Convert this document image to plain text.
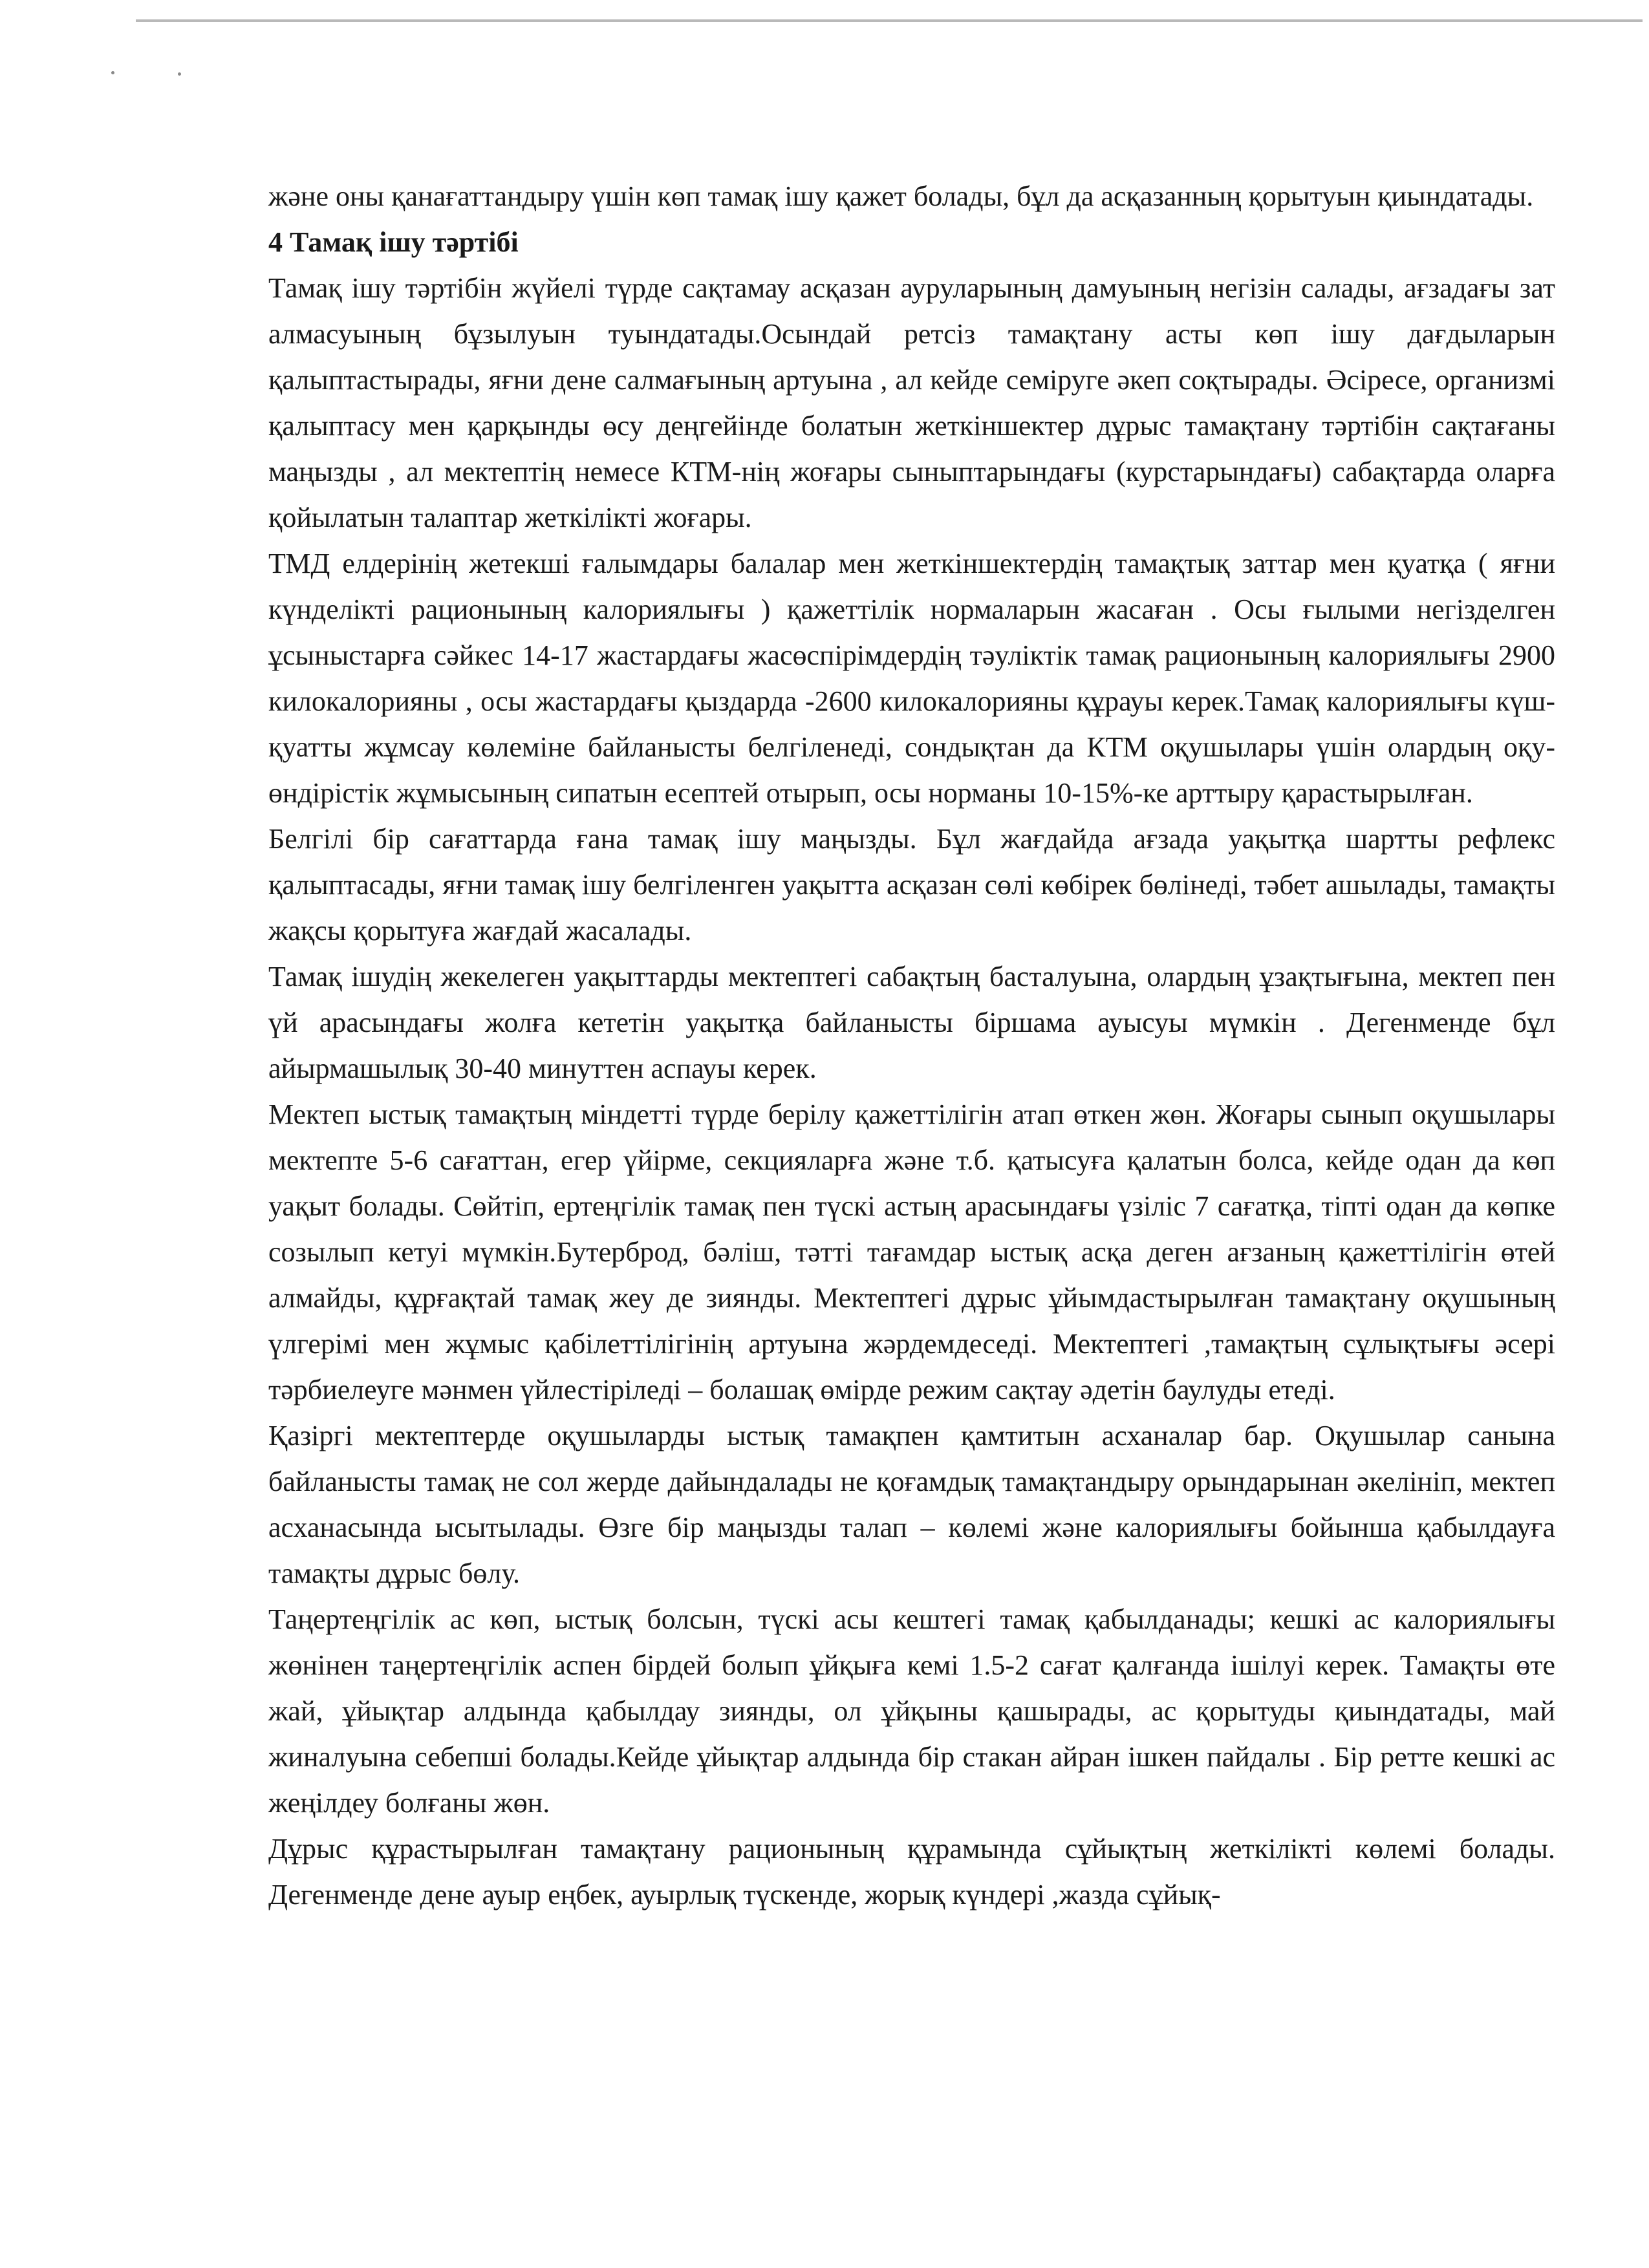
және оны қанағаттандыру үшін көп тамақ ішу қажет болады, бұл да асқазанның қорытуын қиындатады.

4 Тамақ ішу тәртібі

Тамақ ішу тәртібін жүйелі түрде сақтамау асқазан ауруларының дамуының негізін салады, ағзадағы зат алмасуының бұзылуын туындатады.Осындай ретсіз тамақтану асты көп ішу дағдыларын қалыптастырады, яғни дене салмағының артуына , ал кейде семіруге әкеп соқтырады. Әсіресе, организмі қалыптасу мен қарқынды өсу деңгейінде болатын жеткіншектер дұрыс тамақтану тәртібін сақтағаны маңызды , ал мектептің немесе КТМ-нің жоғары сыныптарындағы (курстарындағы) сабақтарда оларға қойылатын талаптар жеткілікті жоғары.

ТМД елдерінің жетекші ғалымдары балалар мен жеткіншектердің тамақтық заттар мен қуатқа ( яғни күнделікті рационының калориялығы ) қажеттілік нормаларын жасаған . Осы ғылыми негізделген ұсыныстарға сәйкес 14-17 жастардағы жасөспірімдердің тәуліктік тамақ рационының калориялығы 2900 килокалорияны , осы жастардағы қыздарда -2600 килокалорияны құрауы керек.Тамақ калориялығы күш-қуатты жұмсау көлеміне байланысты белгіленеді, сондықтан да КТМ оқушылары үшін олардың оқу- өндірістік жұмысының сипатын есептей отырып, осы норманы 10-15%-ке арттыру қарастырылған.

Белгілі бір сағаттарда ғана тамақ ішу маңызды. Бұл жағдайда ағзада уақытқа шартты рефлекс қалыптасады, яғни тамақ ішу белгіленген уақытта асқазан сөлі көбірек бөлінеді, тәбет ашылады, тамақты жақсы қорытуға жағдай жасалады.

Тамақ ішудің жекелеген уақыттарды мектептегі сабақтың басталуына, олардың ұзақтығына, мектеп пен үй арасындағы жолға кететін уақытқа байланысты біршама ауысуы мүмкін . Дегенменде бұл айырмашылық 30-40 минуттен аспауы керек.

Мектеп ыстық тамақтың міндетті түрде берілу қажеттілігін атап өткен жөн. Жоғары сынып оқушылары мектепте 5-6 сағаттан, егер үйірме, секцияларға және т.б. қатысуға қалатын болса, кейде одан да көп уақыт болады. Сөйтіп, ертеңгілік тамақ пен түскі астың арасындағы үзіліс 7 сағатқа, тіпті одан да көпке созылып кетуі мүмкін.Бутерброд, бәліш, тәтті тағамдар ыстық асқа деген ағзаның қажеттілігін өтей алмайды, құрғақтай тамақ жеу де зиянды. Мектептегі дұрыс ұйымдастырылған тамақтану оқушының үлгерімі мен жұмыс қабілеттілігінің артуына жәрдемдеседі. Мектептегі ,тамақтың сұлықтығы әсері тәрбиелеуге мәнмен үйлестіріледі – болашақ өмірде режим сақтау әдетін баулуды етеді.

Қазіргі мектептерде оқушыларды ыстық тамақпен қамтитын асханалар бар. Оқушылар санына байланысты тамақ не сол жерде дайындалады не қоғамдық тамақтандыру орындарынан әкелініп, мектеп асханасында ысытылады. Өзге бір маңызды талап – көлемі және калориялығы бойынша қабылдауға тамақты дұрыс бөлу.

Таңертеңгілік ас көп, ыстық болсын, түскі асы кештегі тамақ қабылданады; кешкі ас калориялығы жөнінен таңертеңгілік аспен бірдей болып ұйқыға кемі 1.5-2 сағат қалғанда ішілуі керек. Тамақты өте жай, ұйықтар алдында қабылдау зиянды, ол ұйқыны қашырады, ас қорытуды қиындатады, май жиналуына себепші болады.Кейде ұйықтар алдында бір стакан айран ішкен пайдалы . Бір ретте кешкі ас жеңілдеу болғаны жөн.

Дұрыс құрастырылған тамақтану рационының құрамында сұйықтың жеткілікті көлемі болады. Дегенменде дене ауыр еңбек, ауырлық түскенде, жорық күндері ,жазда сұйық-
